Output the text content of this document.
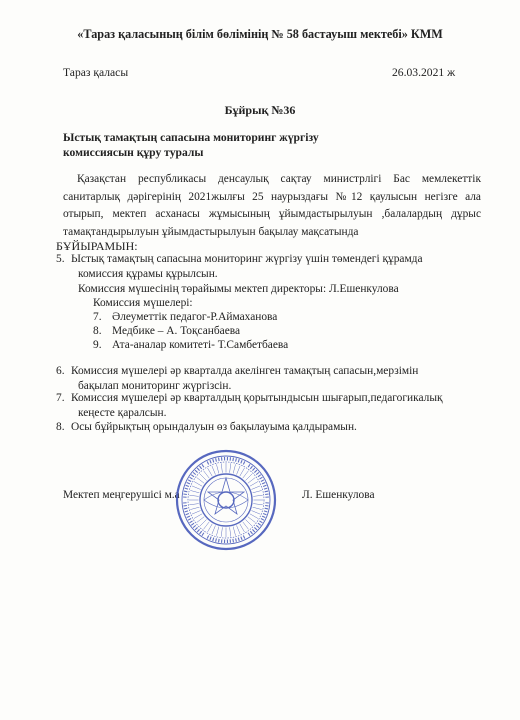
«Тараз қаласының білім бөлімінің № 58 бастауыш мектебі» КММ
Тараз қаласы	26.03.2021 ж
Бұйрық №36
Ыстық тамақтың сапасына мониторинг жүргізу
комиссиясын құру туралы
Қазақстан республикасы денсаулық сақтау министрлігі Бас мемлекеттік санитарлық дәрігерінің 2021жылғы 25 наурыздағы №12 қаулысын негізге ала отырып, мектеп асханасы жұмысының ұйымдастырылуын ,балалардың дұрыс тамақтандырылуын ұйымдастырылуын бақылау мақсатында
БҰЙЫРАМЫН:
5. Ыстық тамақтың сапасына мониторинг жүргізу үшін төмендегі құрамда
комиссия құрамы құрылсын.
Комиссия мүшесінің төрайымы мектеп директоры: Л.Ешенкулова
Комиссия мүшелері:
7. Әлеуметтік педагог-Р.Аймаханова
8. Медбике – А. Тоқсанбаева
9. Ата-аналар комитеті- Т.Самбетбаева
6. Комиссия мүшелері әр кварталда акелінген тамақтың сапасын,мерзімін
бақылап мониторинг жүргізсін.
7. Комиссия мүшелері әр кварталдың қорытындысын шығарып,педагогикалық
кеңесте қаралсын.
8. Осы бұйрықтың орындалуын өз бақылауыма қалдырамын.
Мектеп меңгерушісі м.а	Л. Ешенкулова
